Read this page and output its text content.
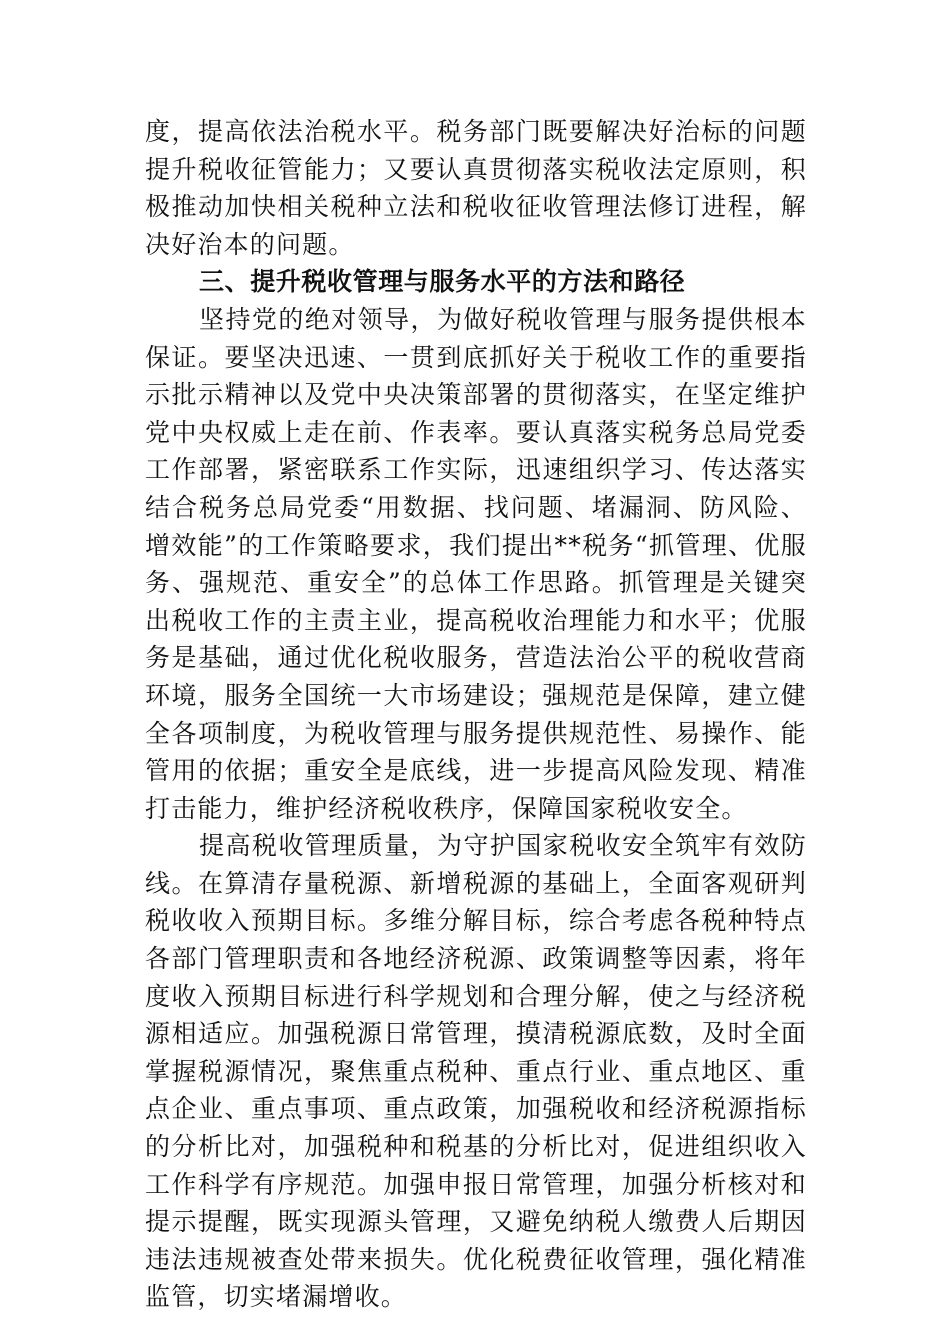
度，提高依法治税水平。税务部门既要解决好治标的问题提升税收征管能力；又要认真贯彻落实税收法定原则，积极推动加快相关税种立法和税收征收管理法修订进程，解决好治本的问题。

三、提升税收管理与服务水平的方法和路径

坚持党的绝对领导，为做好税收管理与服务提供根本保证。要坚决迅速、一贯到底抓好关于税收工作的重要指示批示精神以及党中央决策部署的贯彻落实，在坚定维护党中央权威上走在前、作表率。要认真落实税务总局党委工作部署，紧密联系工作实际，迅速组织学习、传达落实结合税务总局党委“用数据、找问题、堵漏洞、防风险、增效能”的工作策略要求，我们提出**税务“抓管理、优服务、强规范、重安全”的总体工作思路。抓管理是关键突出税收工作的主责主业，提高税收治理能力和水平；优服务是基础，通过优化税收服务，营造法治公平的税收营商环境，服务全国统一大市场建设；强规范是保障，建立健全各项制度，为税收管理与服务提供规范性、易操作、能管用的依据；重安全是底线，进一步提高风险发现、精准打击能力，维护经济税收秩序，保障国家税收安全。

提高税收管理质量，为守护国家税收安全筑牢有效防线。在算清存量税源、新增税源的基础上，全面客观研判税收收入预期目标。多维分解目标，综合考虑各税种特点各部门管理职责和各地经济税源、政策调整等因素，将年度收入预期目标进行科学规划和合理分解，使之与经济税源相适应。加强税源日常管理，摸清税源底数，及时全面掌握税源情况，聚焦重点税种、重点行业、重点地区、重点企业、重点事项、重点政策，加强税收和经济税源指标的分析比对，加强税种和税基的分析比对，促进组织收入工作科学有序规范。加强申报日常管理，加强分析核对和提示提醒，既实现源头管理，又避免纳税人缴费人后期因违法违规被查处带来损失。优化税费征收管理，强化精准监管，切实堵漏增收。
